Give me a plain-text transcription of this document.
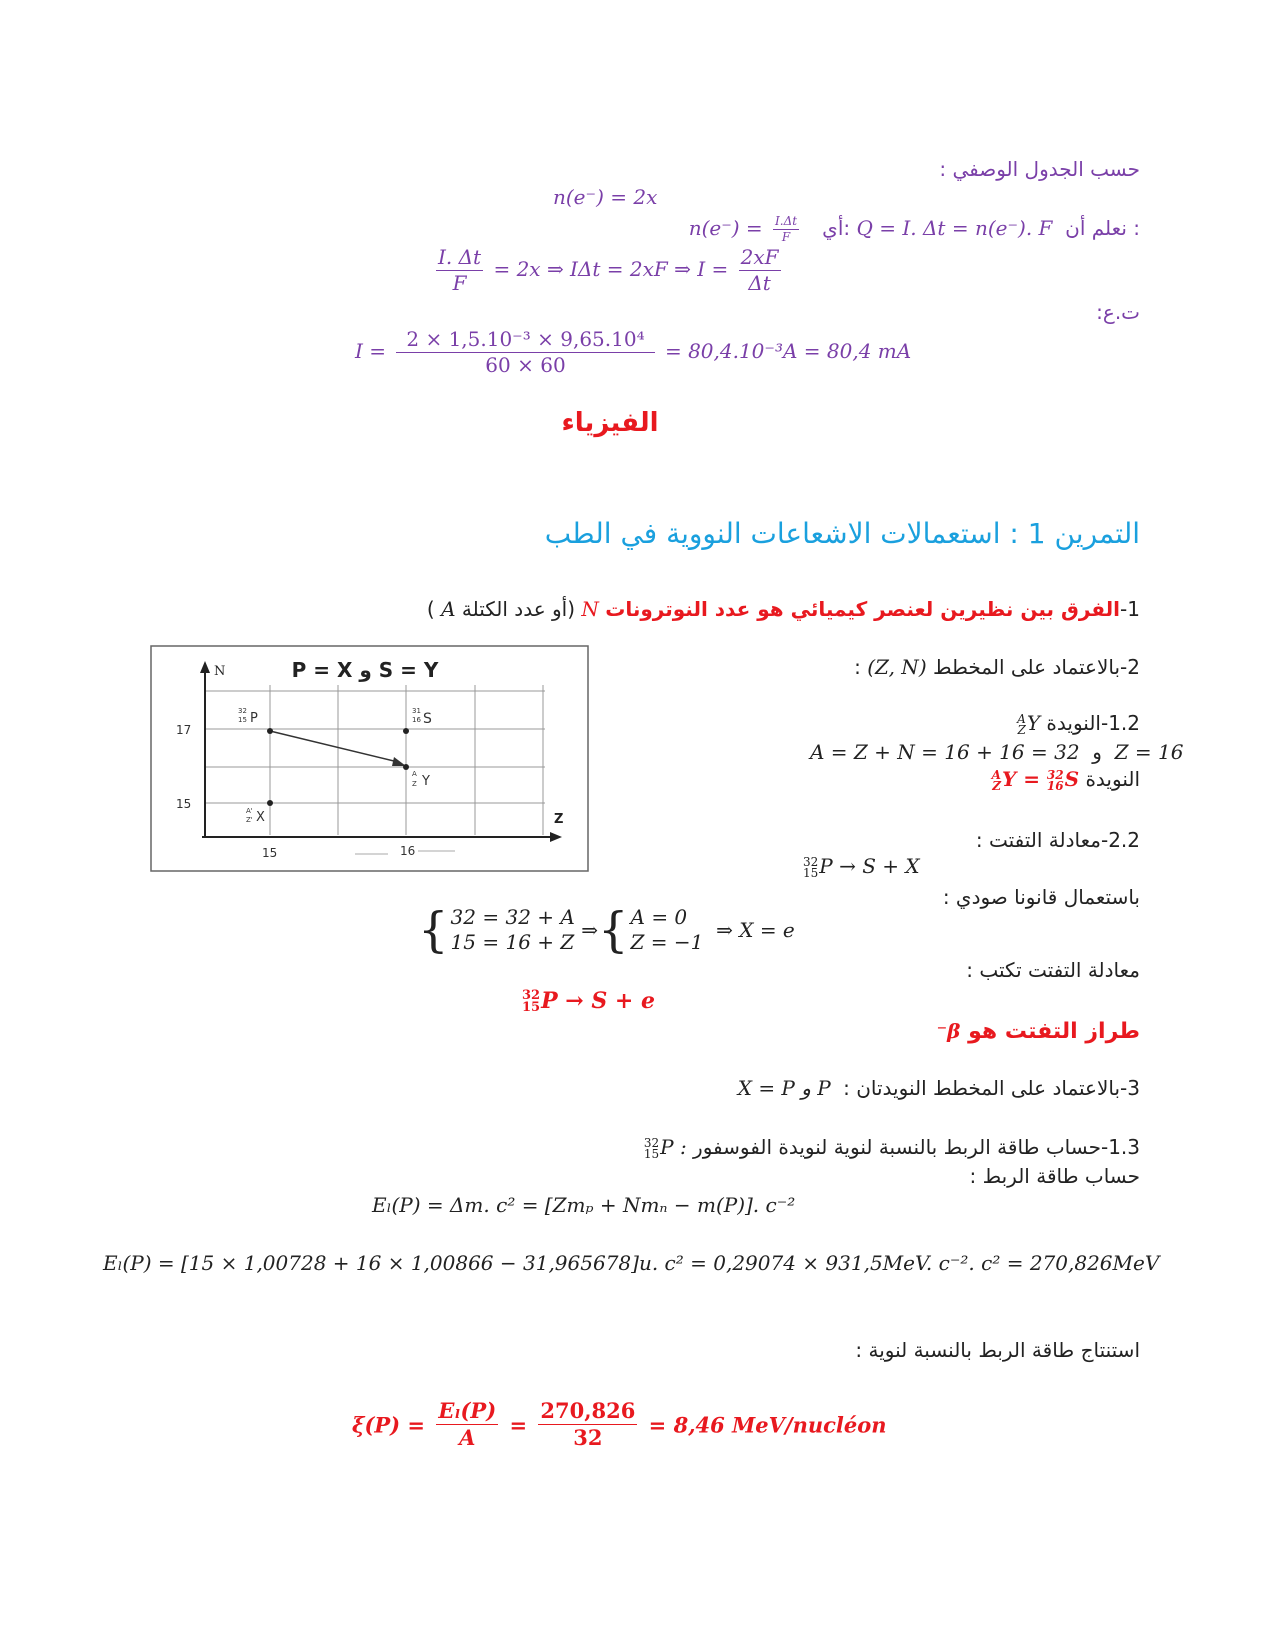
حسب الجدول الوصفي :
n(e⁻) = 2x
$n(e^-) = \frac{I.\Delta t}{F}$ أي: Q = I. Δt = n(e⁻). F نعلم أن :
$\frac{I. \Delta t}{F} = 2x$ ⇒ IΔt = 2xF ⇒ $I = \frac{2xF}{\Delta t}$
ت.ع:
$I = \frac{\text{2 × 1,5.10⁻³ × 9,65.10⁴}}{60 \times 60} = 80,4.10^{-3}A = 80,4$ mA
الفيزياء
التمرين 1 : استعمالات الاشعاعات النووية في الطب
1-الفرق بين نظيرين لعنصر كيميائي هو عدد النوترونات N (أو عدد الكتلة A )
S = Y و P = X
N
Z
17
15
15	16
32
15 P	31
16 S
A
Z Y
A'
Z' X
2-بالاعتماد على المخطط (Z, N) :
1.2-النويدة
A
Z Y
A = Z + N = 16 + 16 = 32 و Z = 16
النويدة
A
Z Y = 32
16 S
2.2-معادلة التفتت :
32
15 P → S + X
باستعمال قانونا صودي :
{ 32 = 32 + A
15 = 16 + Z ⇒{ A = 0
Z = −1 ⇒ X = e
معادلة التفتت تكتب :
32
15 P → S + e
طراز التفتت هو β⁻
3-بالاعتماد على المخطط النويدتان : X = P و P
1.3-حساب طاقة الربط بالنسبة لنوية لنويدة الفوسفور
32
15 P :
حساب طاقة الربط :
Eₗ(P) = Δm. c² = [Zmₚ + Nmₙ − m(P)]. c⁻²
Eₗ(P) = [15 × 1,00728 + 16 × 1,00866 − 31,965678]u. c² = 0,29074 × 931,5MeV. c⁻². c² = 270,826MeV
استنتاج طاقة الربط بالنسبة لنوية :
$\xi(P) = \frac{\text{Eₗ(P)}}{A} = \frac{270,826}{32} = 8,46$ MeV/nucléon
